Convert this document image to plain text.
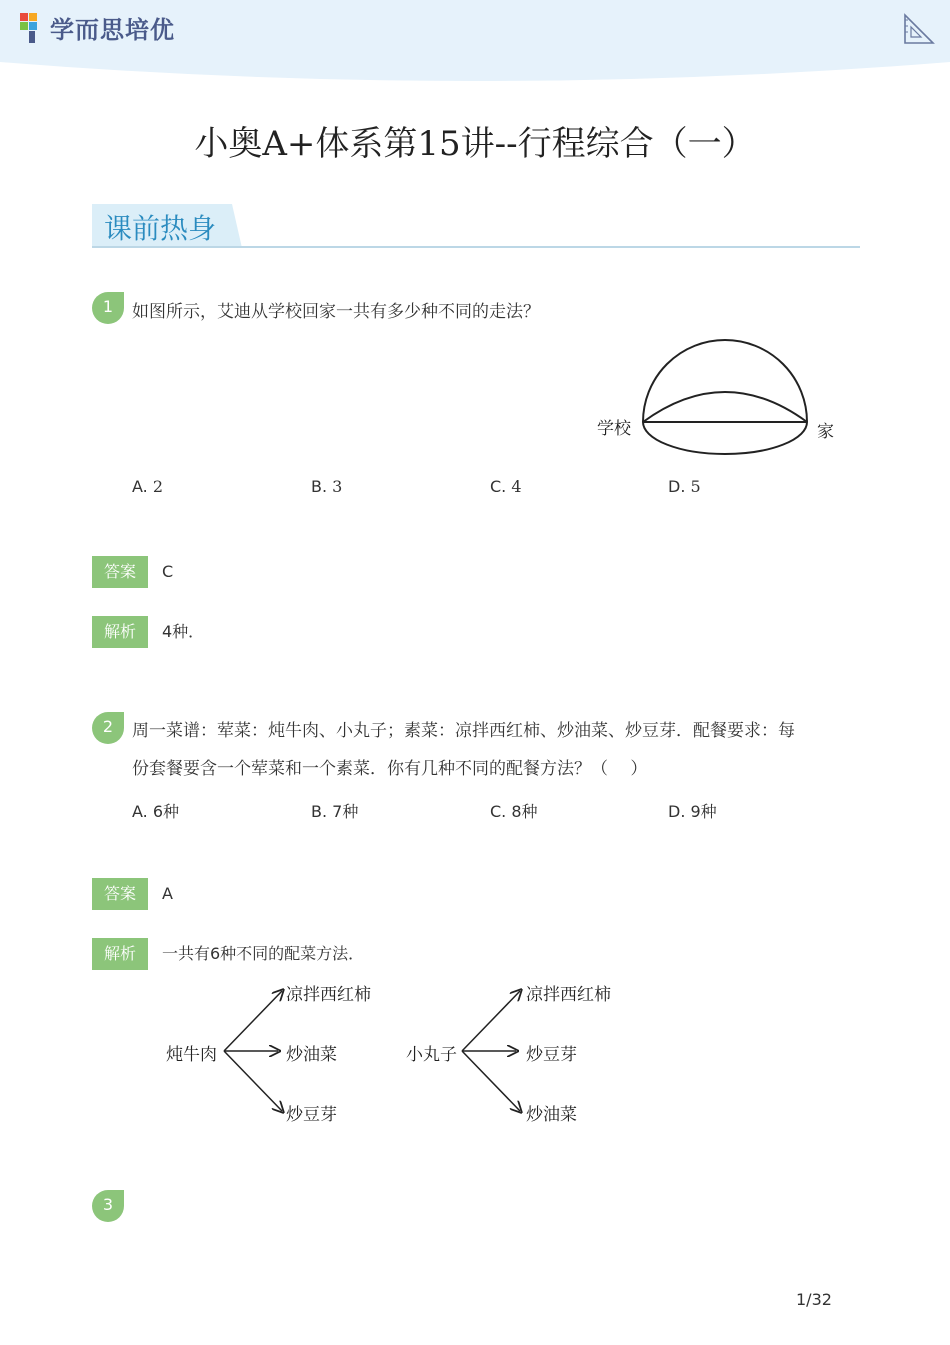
学而思培优
小奥A+体系第15讲--行程综合（一）
课前热身
1	如图所示，艾迪从学校回家一共有多少种不同的走法？
学校	家
A. 2	B. 3	C. 4	D. 5
答案	C
解析	4种．
2	周一菜谱：荤菜：炖牛肉、小丸子；素菜：凉拌西红柿、炒油菜、炒豆芽．配餐要求：每
份套餐要含一个荤菜和一个素菜．你有几种不同的配餐方法？（　 ）
A. 6种	B. 7种	C. 8种	D. 9种
答案	A
解析	一共有6种不同的配菜方法．
炖牛肉
凉拌西红柿
炒油菜
炒豆芽
小丸子
凉拌西红柿
炒豆芽
炒油菜
3
1/32
